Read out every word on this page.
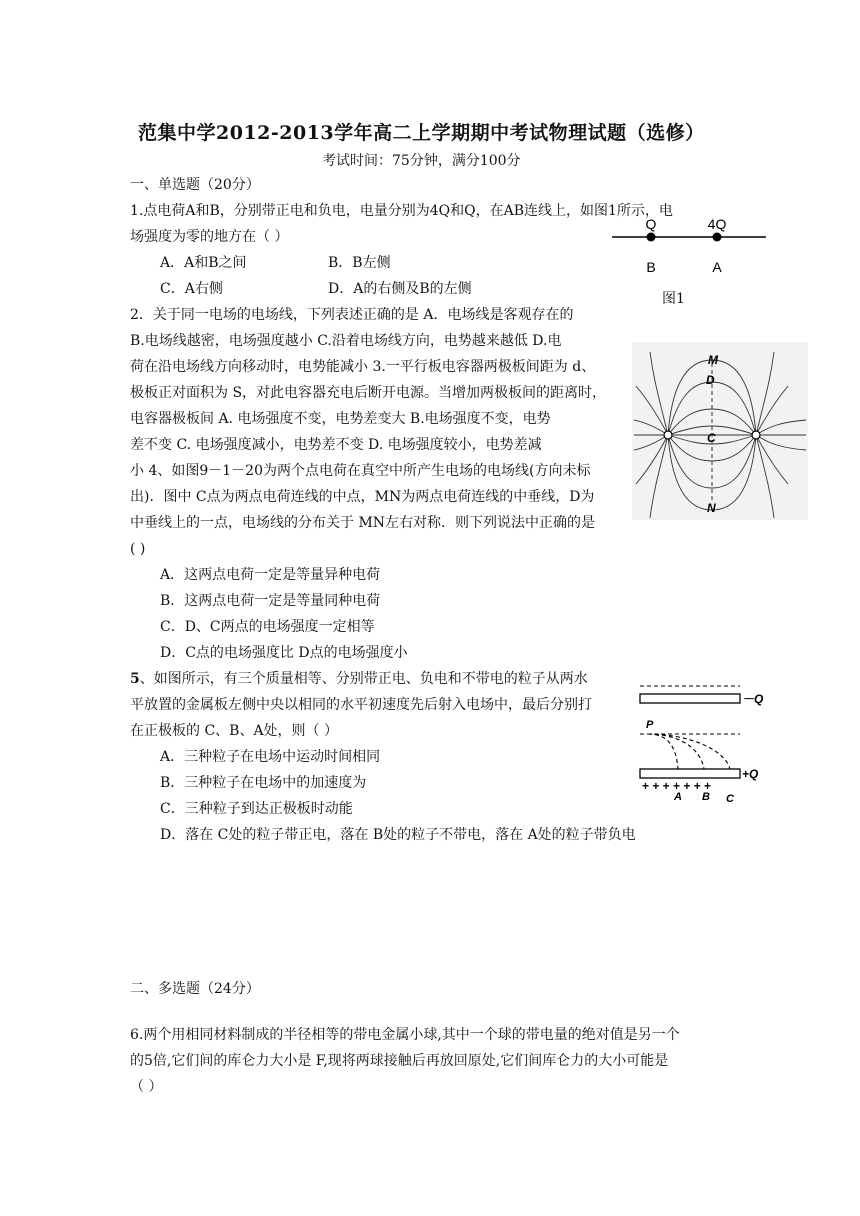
范集中学2012-2013学年高二上学期期中考试物理试题（选修）
考试时间：75分钟，满分100分
一、单选题（20分）
1.点电荷A和B，分别带正电和负电，电量分别为4Q和Q，在AB连线上，如图1所示，电
场强度为零的地方在（ ）
A．A和B之间	B．B左侧
C．A右侧	D．A的右侧及B的左侧
Q	4Q
B	A
图1
2．关于同一电场的电场线，下列表述正确的是 A．电场线是客观存在的
B.电场线越密，电场强度越小 C.沿着电场线方向，电势越来越低 D.电
荷在沿电场线方向移动时，电势能减小 3.一平行板电容器两极板间距为 d、
极板正对面积为 S，对此电容器充电后断开电源。当增加两极板间的距离时，
电容器极板间 A. 电场强度不变，电势差变大 B.电场强度不变，电势
差不变 C. 电场强度减小，电势差不变 D. 电场强度较小，电势差减
小 4、如图9－1－20为两个点电荷在真空中所产生电场的电场线(方向未标
出)．图中 C点为两点电荷连线的中点，MN为两点电荷连线的中垂线，D为
中垂线上的一点，电场线的分布关于 MN左右对称．则下列说法中正确的是
( )
A．这两点电荷一定是等量异种电荷
B．这两点电荷一定是等量同种电荷
C．D、C两点的电场强度一定相等
D．C点的电场强度比 D点的电场强度小
M
D
C
N
5、如图所示，有三个质量相等、分别带正电、负电和不带电的粒子从两水
平放置的金属板左侧中央以相同的水平初速度先后射入电场中，最后分别打
在正极板的 C、B、A处，则（ ）
A．三种粒子在电场中运动时间相同
B．三种粒子在电场中的加速度为
C．三种粒子到达正极板时动能
D．落在 C处的粒子带正电，落在 B处的粒子不带电，落在 A处的粒子带负电
－Q
P
+Q
+ + + + + + +
A B C
二、多选题（24分）
6.两个用相同材料制成的半径相等的带电金属小球,其中一个球的带电量的绝对值是另一个
的5倍,它们间的库仑力大小是 F,现将两球接触后再放回原处,它们间库仑力的大小可能是
（ ）
